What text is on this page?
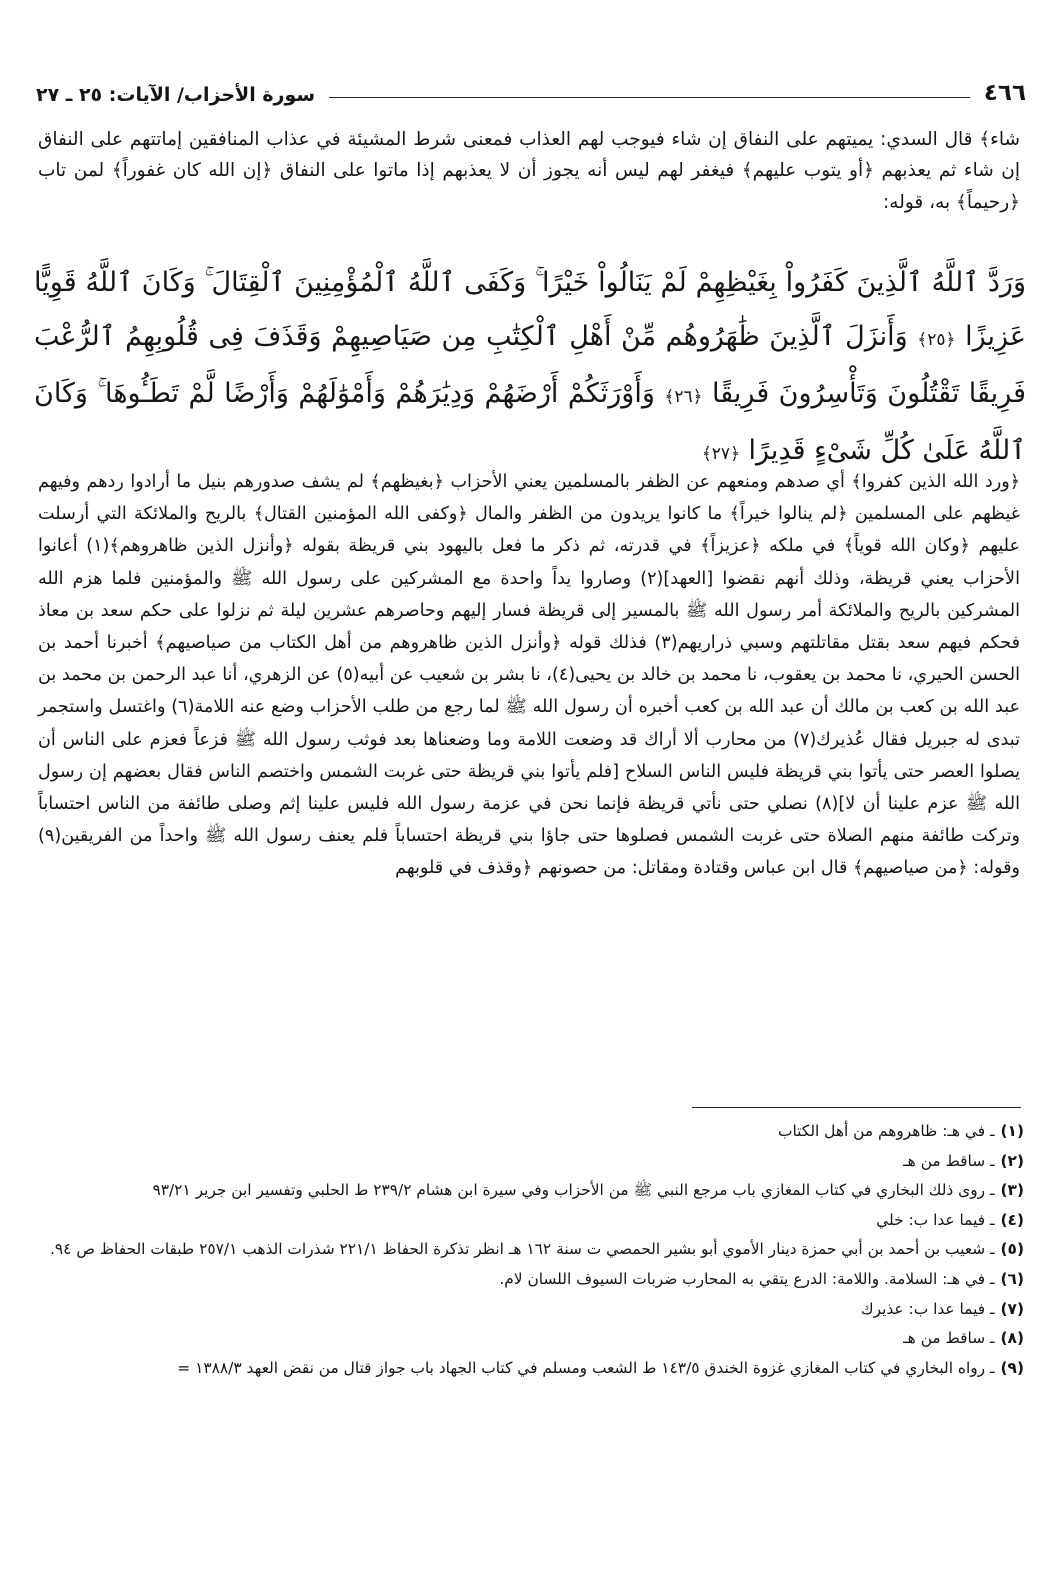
٤٦٦
سورة الأحزاب/ الآيات: ٢٥ ـ ٢٧

شاء﴾ قال السدي: يميتهم على النفاق إن شاء فيوجب لهم العذاب فمعنى شرط المشيئة في عذاب المنافقين إماتتهم على النفاق إن شاء ثم يعذبهم ﴿أو يتوب عليهم﴾ فيغفر لهم ليس أنه يجوز أن لا يعذبهم إذا ماتوا على النفاق ﴿إن الله كان غفوراً﴾ لمن تاب ﴿رحيماً﴾ به، قوله:

وَرَدَّ ٱللَّهُ ٱلَّذِينَ كَفَرُواْ بِغَيْظِهِمْ لَمْ يَنَالُواْ خَيْرًا ۚ وَكَفَى ٱللَّهُ ٱلْمُؤْمِنِينَ ٱلْقِتَالَ ۚ وَكَانَ ٱللَّهُ قَوِيًّا عَزِيزًا ﴿٢٥﴾ وَأَنزَلَ ٱلَّذِينَ ظَٰهَرُوهُم مِّنْ أَهْلِ ٱلْكِتَٰبِ مِن صَيَاصِيهِمْ وَقَذَفَ فِى قُلُوبِهِمُ ٱلرُّعْبَ فَرِيقًا تَقْتُلُونَ وَتَأْسِرُونَ فَرِيقًا ﴿٢٦﴾ وَأَوْرَثَكُمْ أَرْضَهُمْ وَدِيَٰرَهُمْ وَأَمْوَٰلَهُمْ وَأَرْضًا لَّمْ تَطَـُٔوهَا ۚ وَكَانَ ٱللَّهُ عَلَىٰ كُلِّ شَىْءٍ قَدِيرًا ﴿٢٧﴾

﴿ورد الله الذين كفروا﴾ أي صدهم ومنعهم عن الظفر بالمسلمين يعني الأحزاب ﴿بغيظهم﴾ لم يشف صدورهم بنيل ما أرادوا ردهم وفيهم غيظهم على المسلمين ﴿لم ينالوا خيراً﴾ ما كانوا يريدون من الظفر والمال ﴿وكفى الله المؤمنين القتال﴾ بالريح والملائكة التي أرسلت عليهم ﴿وكان الله قوياً﴾ في ملكه ﴿عزيزاً﴾ في قدرته، ثم ذكر ما فعل باليهود بني قريظة بقوله ﴿وأنزل الذين ظاهروهم﴾(١) أعانوا الأحزاب يعني قريظة، وذلك أنهم نقضوا [العهد](٢) وصاروا يداً واحدة مع المشركين على رسول الله ﷺ والمؤمنين فلما هزم الله المشركين بالريح والملائكة أمر رسول الله ﷺ بالمسير إلى قريظة فسار إليهم وحاصرهم عشرين ليلة ثم نزلوا على حكم سعد بن معاذ فحكم فيهم سعد بقتل مقاتلتهم وسبي ذراريهم(٣) فذلك قوله ﴿وأنزل الذين ظاهروهم من أهل الكتاب من صياصيهم﴾ أخبرنا أحمد بن الحسن الحيري، نا محمد بن يعقوب، نا محمد بن خالد بن يحيى(٤)، نا بشر بن شعيب عن أبيه(٥) عن الزهري، أنا عبد الرحمن بن محمد بن عبد الله بن كعب بن مالك أن عبد الله بن كعب أخبره أن رسول الله ﷺ لما رجع من طلب الأحزاب وضع عنه اللامة(٦) واغتسل واستجمر تبدى له جبريل فقال عُذيرك(٧) من محارب ألا أراك قد وضعت اللامة وما وضعناها بعد فوثب رسول الله ﷺ فزعاً فعزم على الناس أن يصلوا العصر حتى يأتوا بني قريظة فليس الناس السلاح [فلم يأتوا بني قريظة حتى غربت الشمس واختصم الناس فقال بعضهم إن رسول الله ﷺ عزم علينا أن لا](٨) نصلي حتى نأتي قريظة فإنما نحن في عزمة رسول الله فليس علينا إثم وصلى طائفة من الناس احتساباً وتركت طائفة منهم الصلاة حتى غربت الشمس فصلوها حتى جاؤا بني قريظة احتساباً فلم يعنف رسول الله ﷺ واحداً من الفريقين(٩) وقوله: ﴿من صياصيهم﴾ قال ابن عباس وقتادة ومقاتل: من حصونهم ﴿وقذف في قلوبهم

(١)
ـ في هـ: ظاهروهم من أهل الكتاب
(٢)
ـ ساقط من هـ
(٣)
ـ روى ذلك البخاري في كتاب المغازي باب مرجع النبي ﷺ من الأحزاب وفي سيرة ابن هشام ٢٣٩/٢ ط الحلبي وتفسير ابن جرير ٩٣/٢١
(٤)
ـ فيما عدا ب: خلي
(٥)
ـ شعيب بن أحمد بن أبي حمزة دينار الأموي أبو بشير الحمصي ت سنة ١٦٢ هـ انظر تذكرة الحفاظ ٢٢١/١ شذرات الذهب ٢٥٧/١ طبقات الحفاظ ص ٩٤.
(٦)
ـ في هـ: السلامة. واللامة: الدرع يتقي به المحارب ضربات السيوف اللسان لام.
(٧)
ـ فيما عدا ب: عذيرك
(٨)
ـ ساقط من هـ
(٩)
ـ رواه البخاري في كتاب المغازي غزوة الخندق ١٤٣/٥ ط الشعب ومسلم في كتاب الجهاد باب جواز قتال من نقض العهد ١٣٨٨/٣ =
